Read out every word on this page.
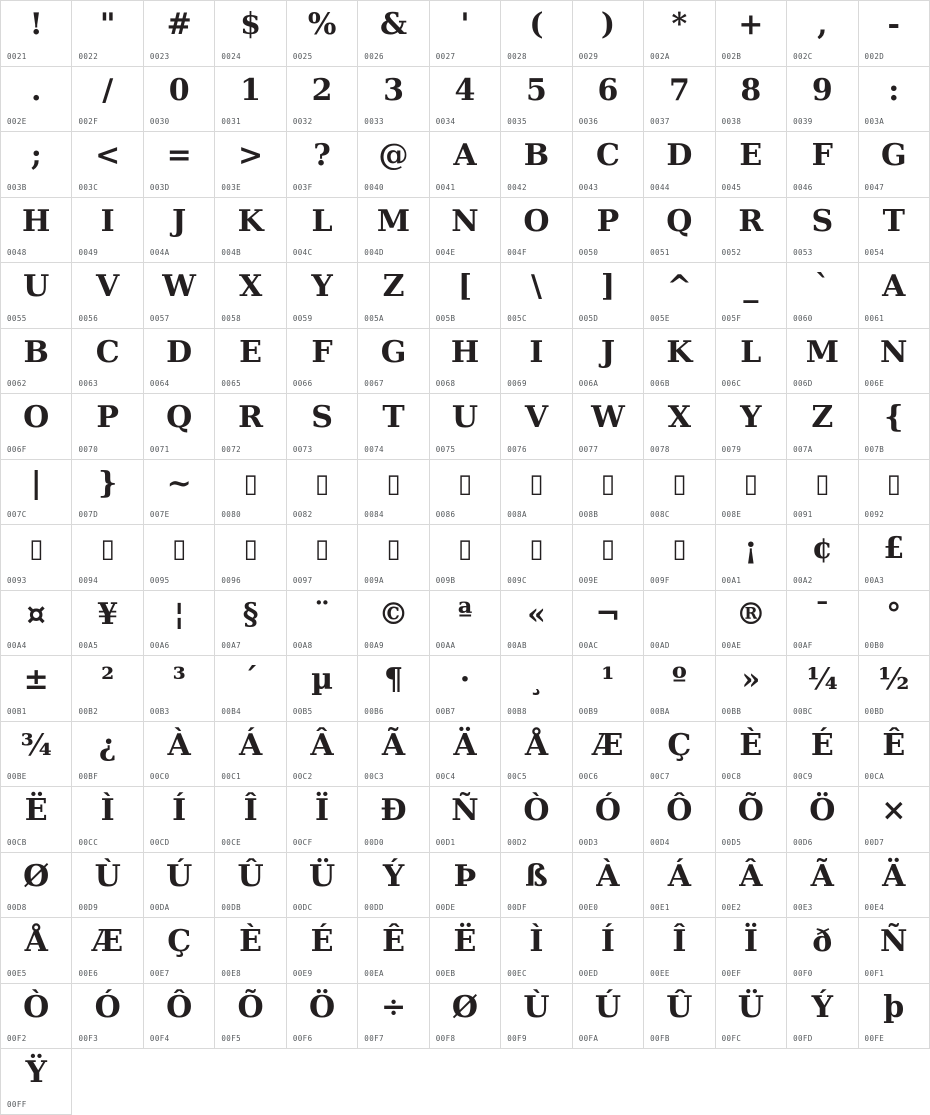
!
0021
"
0022
#
0023
$
0024
%
0025
&
0026
'
0027
(
0028
)
0029
*
002A
+
002B
,
002C
-
002D
.
002E
/
002F
0
0030
1
0031
2
0032
3
0033
4
0034
5
0035
6
0036
7
0037
8
0038
9
0039
:
003A
;
003B
<
003C
=
003D
>
003E
?
003F
@
0040
A
0041
B
0042
C
0043
D
0044
E
0045
F
0046
G
0047
H
0048
I
0049
J
004A
K
004B
L
004C
M
004D
N
004E
O
004F
P
0050
Q
0051
R
0052
S
0053
T
0054
U
0055
V
0056
W
0057
X
0058
Y
0059
Z
005A
[
005B
\
005C
]
005D
^
005E
_
005F
`
0060
A
0061
B
0062
C
0063
D
0064
E
0065
F
0066
G
0067
H
0068
I
0069
J
006A
K
006B
L
006C
M
006D
N
006E
O
006F
P
0070
Q
0071
R
0072
S
0073
T
0074
U
0075
V
0076
W
0077
X
0078
Y
0079
Z
007A
{
007B
|
007C
}
007D
~
007E
▯
0080
▯
0082
▯
0084
▯
0086
▯
008A
▯
008B
▯
008C
▯
008E
▯
0091
▯
0092
▯
0093
▯
0094
▯
0095
▯
0096
▯
0097
▯
009A
▯
009B
▯
009C
▯
009E
▯
009F
¡
00A1
¢
00A2
£
00A3
¤
00A4
¥
00A5
¦
00A6
§
00A7
¨
00A8
©
00A9
ª
00AA
«
00AB
¬
00AC	00AD
®
00AE
¯
00AF
°
00B0
±
00B1
²
00B2
³
00B3
´
00B4
µ
00B5
¶
00B6
·
00B7
¸
00B8
¹
00B9
º
00BA
»
00BB
¼
00BC
½
00BD
¾
00BE
¿
00BF
À
00C0
Á
00C1
Â
00C2
Ã
00C3
Ä
00C4
Å
00C5
Æ
00C6
Ç
00C7
È
00C8
É
00C9
Ê
00CA
Ë
00CB
Ì
00CC
Í
00CD
Î
00CE
Ï
00CF
Ð
00D0
Ñ
00D1
Ò
00D2
Ó
00D3
Ô
00D4
Õ
00D5
Ö
00D6
×
00D7
Ø
00D8
Ù
00D9
Ú
00DA
Û
00DB
Ü
00DC
Ý
00DD
Þ
00DE
ß
00DF
À
00E0
Á
00E1
Â
00E2
Ã
00E3
Ä
00E4
Å
00E5
Æ
00E6
Ç
00E7
È
00E8
É
00E9
Ê
00EA
Ë
00EB
Ì
00EC
Í
00ED
Î
00EE
Ï
00EF
ð
00F0
Ñ
00F1
Ò
00F2
Ó
00F3
Ô
00F4
Õ
00F5
Ö
00F6
÷
00F7
Ø
00F8
Ù
00F9
Ú
00FA
Û
00FB
Ü
00FC
Ý
00FD
þ
00FE
Ÿ
00FF
